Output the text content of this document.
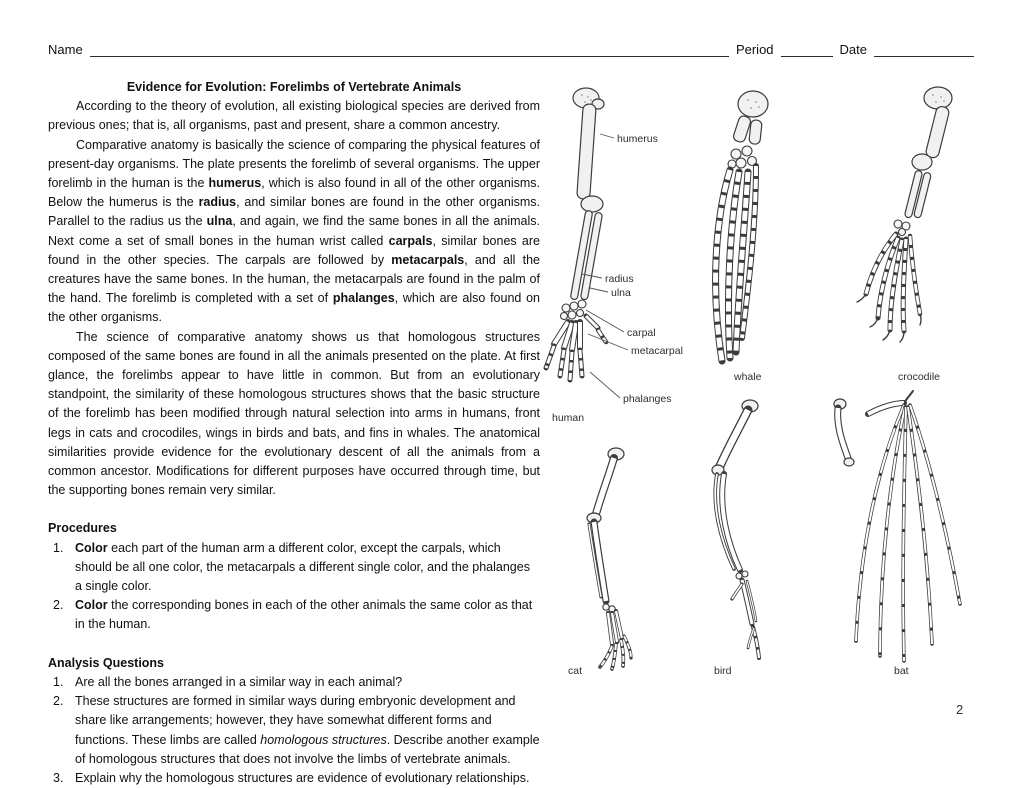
Name	Period	Date
Evidence for Evolution: Forelimbs of Vertebrate Animals

According to the theory of evolution, all existing biological species are derived from previous ones; that is, all organisms, past and present, share a common ancestry.

Comparative anatomy is basically the science of comparing the physical features of present-day organisms. The plate presents the forelimb of several organisms. The upper forelimb in the human is the humerus, which is also found in all of the other organisms. Below the humerus is the radius, and similar bones are found in the other organisms. Parallel to the radius us the ulna, and again, we find the same bones in all the animals. Next come a set of small bones in the human wrist called carpals, similar bones are found in the other species. The carpals are followed by metacarpals, and all the creatures have the same bones. In the human, the metacarpals are found in the palm of the hand. The forelimb is completed with a set of phalanges, which are also found on the other organisms.

The science of comparative anatomy shows us that homologous structures composed of the same bones are found in all the animals presented on the plate. At first glance, the forelimbs appear to have little in common. But from an evolutionary standpoint, the similarity of these homologous structures shows that the basic structure of the forelimb has been modified through natural selection into arms in humans, front legs in cats and crocodiles, wings in birds and bats, and fins in whales. The anatomical similarities provide evidence for the evolutionary descent of all the animals from a common ancestor. Modifications for different purposes have occurred through time, but the supporting bones remain very similar.

Procedures
1. Color each part of the human arm a different color, except the carpals, which should be all one color, the metacarpals a different single color, and the phalanges a single color.
2. Color the corresponding bones in each of the other animals the same color as that in the human.
Analysis Questions
1. Are all the bones arranged in a similar way in each animal?
2. These structures are formed in similar ways during embryonic development and share like arrangements; however, they have somewhat different forms and functions. These limbs are called homologous structures. Describe another example of homologous structures that does not involve the limbs of vertebrate animals.
3. Explain why the homologous structures are evidence of evolutionary relationships.
humerus
radius
ulna
carpal
metacarpal
phalanges
human
whale	crocodile
cat	bird	bat
2
